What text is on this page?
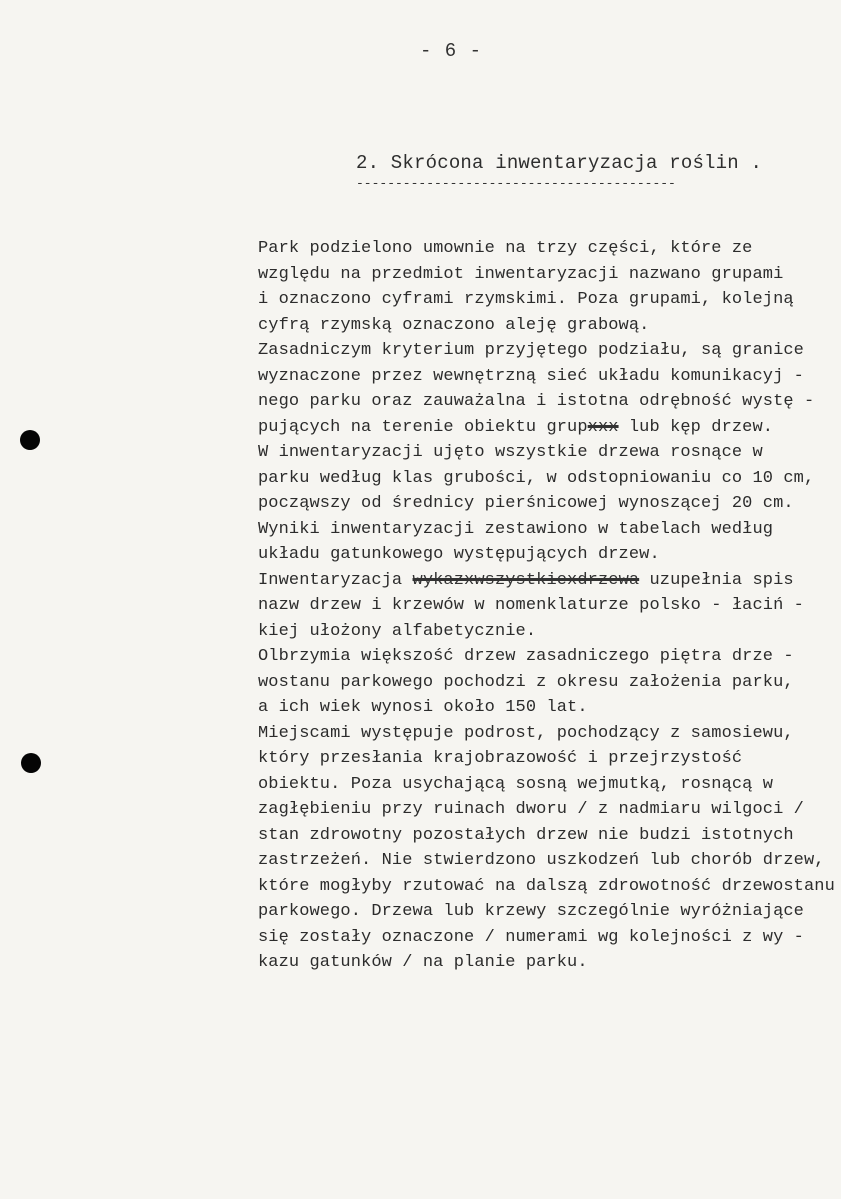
- 6 -
2. Skrócona inwentaryzacja roślin .
-----------------------------------------
Park podzielono umownie na trzy części, które ze
względu na przedmiot inwentaryzacji nazwano grupami
i oznaczono cyframi rzymskimi. Poza grupami, kolejną
cyfrą rzymską oznaczono aleję grabową.
Zasadniczym kryterium przyjętego podziału, są granice
wyznaczone przez wewnętrzną sieć układu komunikacyj -
nego parku oraz zauważalna i istotna odrębność wystę -
pujących na terenie obiektu grupxxx lub kęp drzew.
W inwentaryzacji ujęto wszystkie drzewa rosnące w
parku według klas grubości, w odstopniowaniu co 10 cm,
począwszy od średnicy pierśnicowej wynoszącej 20 cm.
Wyniki inwentaryzacji zestawiono w tabelach według
układu gatunkowego występujących drzew.
Inwentaryzacja wykazxwszystkiexdrzewa uzupełnia spis
nazw drzew i krzewów w nomenklaturze polsko - łaciń -
kiej ułożony alfabetycznie.
Olbrzymia większość drzew zasadniczego piętra drze -
wostanu parkowego pochodzi z okresu założenia parku,
a ich wiek wynosi około 150 lat.
Miejscami występuje podrost, pochodzący z samosiewu,
który przesłania krajobrazowość i przejrzystość
obiektu. Poza usychającą sosną wejmutką, rosnącą w
zagłębieniu przy ruinach dworu / z nadmiaru wilgoci /
stan zdrowotny pozostałych drzew nie budzi istotnych
zastrzeżeń. Nie stwierdzono uszkodzeń lub chorób drzew,
które mogłyby rzutować na dalszą zdrowotność drzewostanu
parkowego. Drzewa lub krzewy szczególnie wyróżniające
się zostały oznaczone / numerami wg kolejności z wy -
kazu gatunków / na planie parku.
